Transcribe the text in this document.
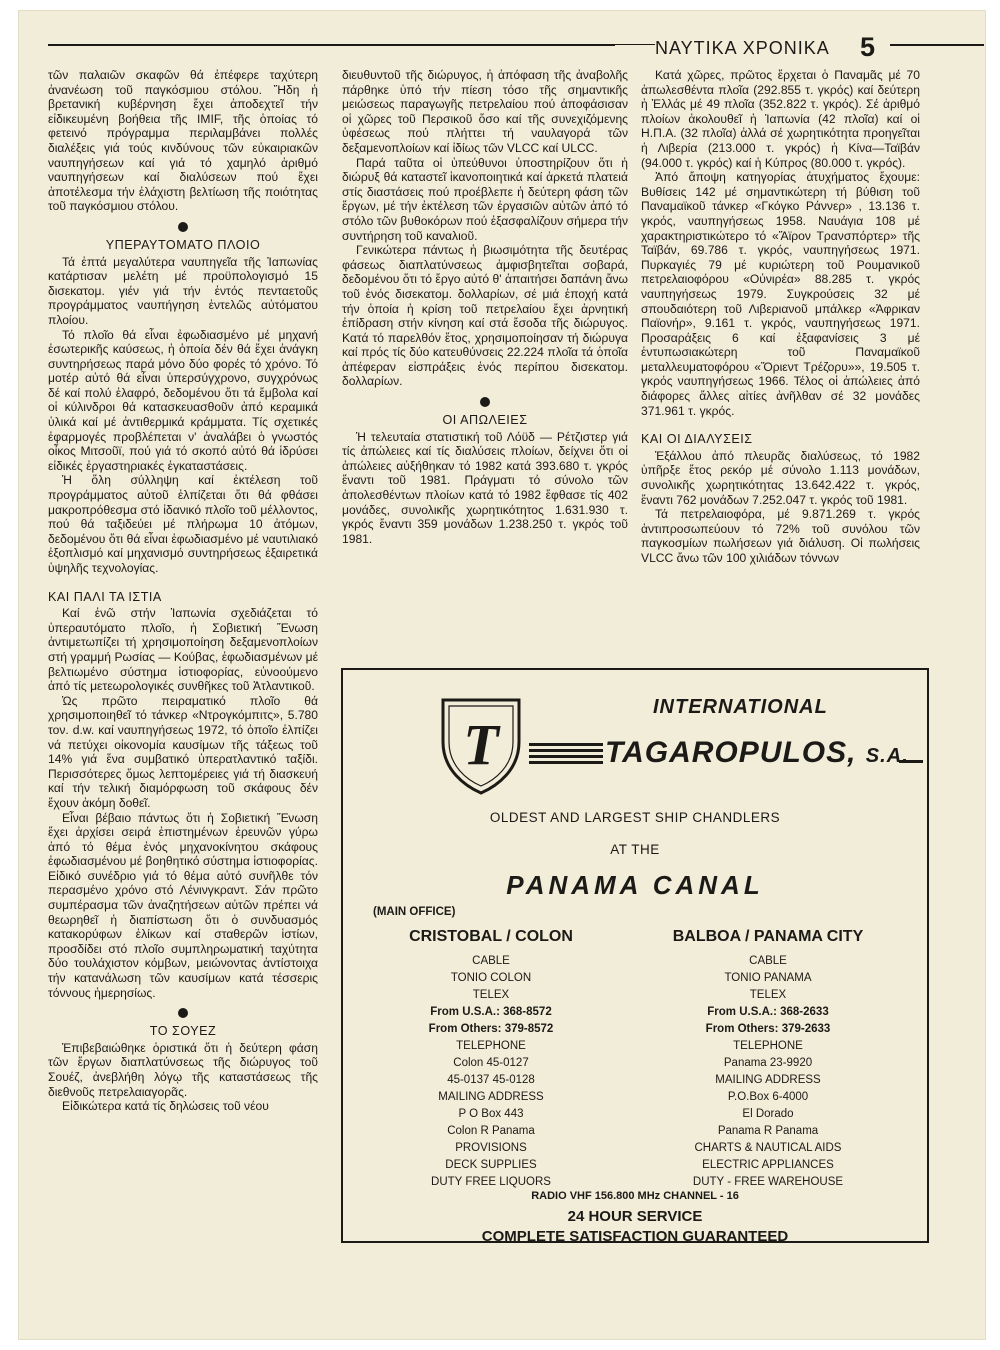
ΝΑΥΤΙΚΑ ΧΡΟΝΙΚΑ 5

τῶν παλαιῶν σκαφῶν θά ἐπέφερε ταχύτερη ἀνανέωση τοῦ παγκόσμιου στόλου. Ἤδη ἡ βρετανική κυβέρνηση ἔχει ἀποδεχτεῖ τήν εἰδικευμένη βοήθεια τῆς IMIF, τῆς ὁποίας τό φετεινό πρόγραμμα περιλαμβάνει πολλές διαλέξεις γιά τούς κινδύνους τῶν εὐκαιριακῶν ναυπηγήσεων καί γιά τό χαμηλό ἀριθμό ναυπηγήσεων καί διαλύσεων πού ἔχει ἀποτέλεσμα τήν ἐλάχιστη βελτίωση τῆς ποιότητας τοῦ παγκόσμιου στόλου.

ΥΠΕΡΑΥΤΟΜΑΤΟ ΠΛΟΙΟ

Τά ἑπτά μεγαλύτερα ναυπηγεῖα τῆς Ἰαπωνίας κατάρτισαν μελέτη μέ προϋπολογισμό 15 δισεκατομ. γιέν γιά τήν ἐντός πενταετοῦς προγράμματος ναυπήγηση ἐντελῶς αὐτόματου πλοίου.

Τό πλοῖο θά εἶναι ἐφωδιασμένο μέ μηχανή ἐσωτερικῆς καύσεως, ἡ ὁποία δέν θά ἔχει ἀνάγκη συντηρήσεως παρά μόνο δύο φορές τό χρόνο. Τό μοτέρ αὐτό θά εἶναι ὑπερσύγχρονο, συγχρόνως δέ καί πολύ ἐλαφρό, δεδομένου ὅτι τά ἔμβολα καί οἱ κύλινδροι θά κατασκευασθοῦν ἀπό κεραμικά ὑλικά καί μέ ἀντιθερμικά κράμματα. Τίς σχετικές ἐφαρμογές προβλέπεται ν' ἀναλάβει ὁ γνωστός οἶκος Μιτσοῦϊ, πού γιά τό σκοπό αὐτό θά ἱδρύσει εἰδικές ἐργαστηριακές ἐγκαταστάσεις.

Ἡ ὅλη σύλληψη καί ἐκτέλεση τοῦ προγράμματος αὐτοῦ ἐλπίζεται ὅτι θά φθάσει μακροπρόθεσμα στό ἰδανικό πλοῖο τοῦ μέλλοντος, πού θά ταξιδεύει μέ πλήρωμα 10 ἀτόμων, δεδομένου ὅτι θά εἶναι ἐφωδιασμένο μέ ναυτιλιακό ἐξοπλισμό καί μηχανισμό συντηρήσεως ἐξαιρετικά ὑψηλῆς τεχνολογίας.

ΚΑΙ ΠΑΛΙ ΤΑ ΙΣΤΙΑ

Καί ἐνῶ στήν Ἰαπωνία σχεδιάζεται τό ὑπεραυτόματο πλοῖο, ἡ Σοβιετική Ἕνωση ἀντιμετωπίζει τή χρησιμοποίηση δεξαμενοπλοίων στή γραμμή Ρωσίας — Κούβας, ἐφωδιασμένων μέ βελτιωμένο σύστημα ἱστιοφορίας, εὐνοούμενο ἀπό τίς μετεωρολογικές συνθῆκες τοῦ Ἀτλαντικοῦ.

Ὡς πρῶτο πειραματικό πλοῖο θά χρησιμοποιηθεῖ τό τάνκερ «Ντρογκόμπιτς», 5.780 τον. d.w. καί ναυπηγήσεως 1972, τό ὁποῖο ἐλπίζει νά πετύχει οἰκονομία καυσίμων τῆς τάξεως τοῦ 14% γιά ἕνα συμβατικό ὑπερατλαντικό ταξίδι. Περισσότερες ὅμως λεπτομέρειες γιά τή διασκευή καί τήν τελική διαμόρφωση τοῦ σκάφους δέν ἔχουν ἀκόμη δοθεῖ.

Εἶναι βέβαιο πάντως ὅτι ἡ Σοβιετική Ἕνωση ἔχει ἀρχίσει σειρά ἐπιστημένων ἐρευνῶν γύρω ἀπό τό θέμα ἑνός μηχανοκίνητου σκάφους ἐφωδιασμένου μέ βοηθητικό σύστημα ἱστιοφορίας. Εἰδικό συνέδριο γιά τό θέμα αὐτό συνῆλθε τόν περασμένο χρόνο στό Λένινγκραντ. Σάν πρῶτο συμπέρασμα τῶν ἀναζητήσεων αὐτῶν πρέπει νά θεωρηθεῖ ἡ διαπίστωση ὅτι ὁ συνδυασμός κατακορύφων ἐλίκων καί σταθερῶν ἱστίων, προσδίδει στό πλοῖο συμπληρωματική ταχύτητα δύο τουλάχιστον κόμβων, μειώνοντας ἀντίστοιχα τήν κατανάλωση τῶν καυσίμων κατά τέσσερις τόννους ἡμερησίως.

ΤΟ ΣΟΥΕΖ

Ἐπιβεβαιώθηκε ὁριστικά ὅτι ἡ δεύτερη φάση τῶν ἔργων διαπλατύνσεως τῆς διώρυγος τοῦ Σουέζ, ἀνεβλήθη λόγῳ τῆς καταστάσεως τῆς διεθνοῦς πετρελαιαγορᾶς.

Εἰδικώτερα κατά τίς δηλώσεις τοῦ νέου

διευθυντοῦ τῆς διώρυγος, ἡ ἀπόφαση τῆς ἀναβολῆς πάρθηκε ὑπό τήν πίεση τόσο τῆς σημαντικῆς μειώσεως παραγωγῆς πετρελαίου πού ἀποφάσισαν οἱ χῶρες τοῦ Περσικοῦ ὅσο καί τῆς συνεχιζόμενης ὑφέσεως πού πλήττει τή ναυλαγορά τῶν δεξαμενοπλοίων καί ἰδίως τῶν VLCC καί ULCC.

Παρά ταῦτα οἱ ὑπεύθυνοι ὑποστηρίζουν ὅτι ἡ διώρυξ θά καταστεῖ ἱκανοποιητικά καί ἀρκετά πλατειά στίς διαστάσεις πού προέβλεπε ἡ δεύτερη φάση τῶν ἔργων, μέ τήν ἐκτέλεση τῶν ἐργασιῶν αὐτῶν ἀπό τό στόλο τῶν βυθοκόρων πού ἐξασφαλίζουν σήμερα τήν συντήρηση τοῦ καναλιοῦ.

Γενικώτερα πάντως ἡ βιωσιμότητα τῆς δευτέρας φάσεως διαπλατύνσεως ἀμφισβητεῖται σοβαρά, δεδομένου ὅτι τό ἔργο αὐτό θ' ἀπαιτήσει δαπάνη ἄνω τοῦ ἑνός δισεκατομ. δολλαρίων, σέ μιά ἐποχή κατά τήν ὁποία ἡ κρίση τοῦ πετρελαίου ἔχει ἀρνητική ἐπίδραση στήν κίνηση καί στά ἔσοδα τῆς διώρυγος. Κατά τό παρελθόν ἔτος, χρησιμοποίησαν τή διώρυγα καί πρός τίς δύο κατευθύνσεις 22.224 πλοῖα τά ὁποῖα ἀπέφεραν εἰσπράξεις ἑνός περίπου δισεκατομ. δολλαρίων.

ΟΙ ΑΠΩΛΕΙΕΣ

Ἡ τελευταία στατιστική τοῦ Λόϋδ — Ρέτζιστερ γιά τίς ἀπώλειες καί τίς διαλύσεις πλοίων, δείχνει ὅτι οἱ ἀπώλειες αὐξήθηκαν τό 1982 κατά 393.680 τ. γκρός ἔναντι τοῦ 1981. Πράγματι τό σύνολο τῶν ἀπολεσθέντων πλοίων κατά τό 1982 ἔφθασε τίς 402 μονάδες, συνολικῆς χωρητικότητος 1.631.930 τ. γκρός ἔναντι 359 μονάδων 1.238.250 τ. γκρός τοῦ 1981.

Κατά χῶρες, πρῶτος ἔρχεται ὁ Παναμᾶς μέ 70 ἀπωλεσθέντα πλοῖα (292.855 τ. γκρός) καί δεύτερη ἡ Ἑλλάς μέ 49 πλοῖα (352.822 τ. γκρός). Σέ ἀριθμό πλοίων ἀκολουθεῖ ἡ Ἰαπωνία (42 πλοῖα) καί οἱ Η.Π.Α. (32 πλοῖα) ἀλλά σέ χωρητικότητα προηγεῖται ἡ Λιβερία (213.000 τ. γκρός) ἡ Κίνα—Ταϊβάν (94.000 τ. γκρός) καί ἡ Κύπρος (80.000 τ. γκρός).

Ἀπό ἄποψη κατηγορίας ἀτυχήματος ἔχουμε: Βυθίσεις 142 μέ σημαντικώτερη τή βύθιση τοῦ Παναμαϊκοῦ τάνκερ «Γκόγκο Ράννερ» , 13.136 τ. γκρός, ναυπηγήσεως 1958. Ναυάγια 108 μέ χαρακτηριστικώτερο τό «Ἄϊρον Τρανσπόρτερ» τῆς Ταϊβάν, 69.786 τ. γκρός, ναυπηγήσεως 1971. Πυρκαγιές 79 μέ κυριώτερη τοῦ Ρουμανικοῦ πετρελαιοφόρου «Οὐνιρέα» 88.285 τ. γκρός ναυπηγήσεως 1979. Συγκρούσεις 32 μέ σπουδαιότερη τοῦ Λιβεριανοῦ μπάλκερ «Ἀφρικαν Παϊονήρ», 9.161 τ. γκρός, ναυπηγήσεως 1971. Προσαράξεις 6 καί ἐξαφανίσεις 3 μέ ἐντυπωσιακώτερη τοῦ Παναμαϊκοῦ μεταλλευματοφόρου «Ὄριεντ Τρέζορυ»», 19.505 τ. γκρός ναυπηγήσεως 1966. Τέλος οἱ ἀπώλειες ἀπό διάφορες ἄλλες αἰτίες ἀνῆλθαν σέ 32 μονάδες 371.961 τ. γκρός.

ΚΑΙ ΟΙ ΔΙΑΛΥΣΕΙΣ

Ἐξάλλου ἀπό πλευρᾶς διαλύσεως, τό 1982 ὑπῆρξε ἔτος ρεκόρ μέ σύνολο 1.113 μονάδων, συνολικῆς χωρητικότητας 13.642.422 τ. γκρός, ἔναντι 762 μονάδων 7.252.047 τ. γκρός τοῦ 1981.

Τά πετρελαιοφόρα, μέ 9.871.269 τ. γκρός ἀντιπροσωπεύουν τό 72% τοῦ συνόλου τῶν παγκοσμίων πωλήσεων γιά διάλυση. Οἱ πωλήσεις VLCC ἄνω τῶν 100 χιλιάδων τόννων

T
INTERNATIONAL
TAGAROPULOS, S.A.
OLDEST AND LARGEST SHIP CHANDLERS
AT THE
PANAMA CANAL
(MAIN OFFICE)
CRISTOBAL / COLON
CABLE
TONIO COLON
TELEX
From U.S.A.: 368-8572
From Others: 379-8572
TELEPHONE
Colon 45-0127
45-0137 45-0128
MAILING ADDRESS
P O Box 443
Colon R Panama
PROVISIONS
DECK SUPPLIES
DUTY FREE LIQUORS
BALBOA / PANAMA CITY
CABLE
TONIO PANAMA
TELEX
From U.S.A.: 368-2633
From Others: 379-2633
TELEPHONE
Panama 23-9920
MAILING ADDRESS
P.O.Box 6-4000
El Dorado
Panama R Panama
CHARTS & NAUTICAL AIDS
ELECTRIC APPLIANCES
DUTY - FREE WAREHOUSE
RADIO VHF 156.800 MHz CHANNEL - 16
24 HOUR SERVICE
COMPLETE SATISFACTION GUARANTEED
